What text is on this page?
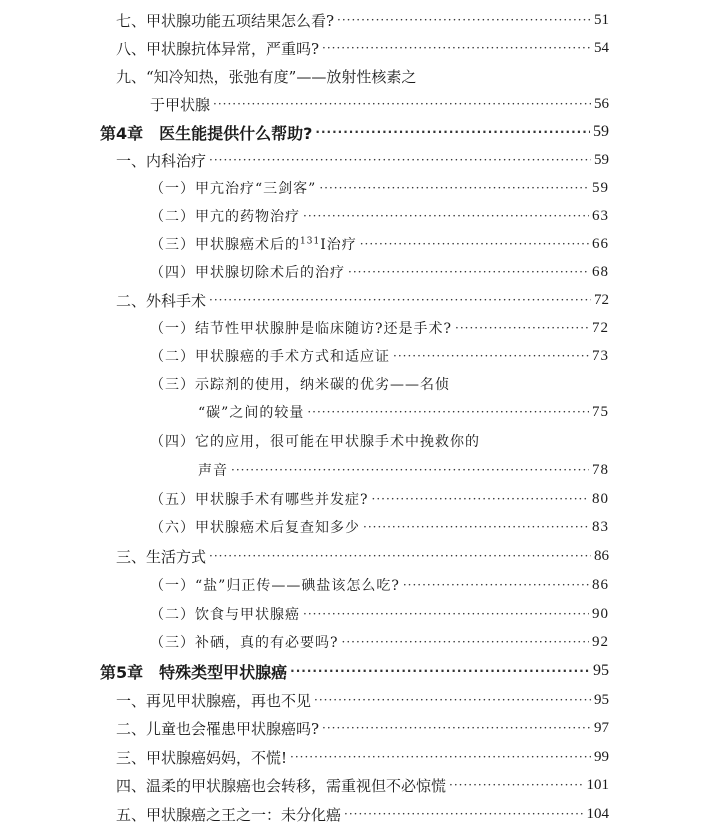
七、甲状腺功能五项结果怎么看? ·····	51
八、甲状腺抗体异常，严重吗? ·····	54
九、“知冷知热，张弛有度”——放射性核素之
于甲状腺 ·····	56
第4章　医生能提供什么帮助? ·····	59
一、内科治疗 ·····	59
（一）甲亢治疗“三剑客” ·····	59
（二）甲亢的药物治疗 ·····	63
（三）甲状腺癌术后的$^{131}$I治疗 ·····	66
（四）甲状腺切除术后的治疗 ·····	68
二、外科手术 ·····	72
（一）结节性甲状腺肿是临床随访?还是手术? ·····	72
（二）甲状腺癌的手术方式和适应证 ·····	73
（三）示踪剂的使用，纳米碳的优劣——名侦
“碳”之间的较量 ·····	75
（四）它的应用，很可能在甲状腺手术中挽救你的
声音 ·····	78
（五）甲状腺手术有哪些并发症? ·····	80
（六）甲状腺癌术后复查知多少 ·····	83
三、生活方式 ·····	86
（一）“盐”归正传——碘盐该怎么吃? ·····	86
（二）饮食与甲状腺癌 ·····	90
（三）补硒，真的有必要吗? ·····	92
第5章　特殊类型甲状腺癌 ·····	95
一、再见甲状腺癌，再也不见 ·····	95
二、儿童也会罹患甲状腺癌吗? ·····	97
三、甲状腺癌妈妈，不慌! ·····	99
四、温柔的甲状腺癌也会转移，需重视但不必惊慌 ·····	101
五、甲状腺癌之王之一：未分化癌 ·····	104
